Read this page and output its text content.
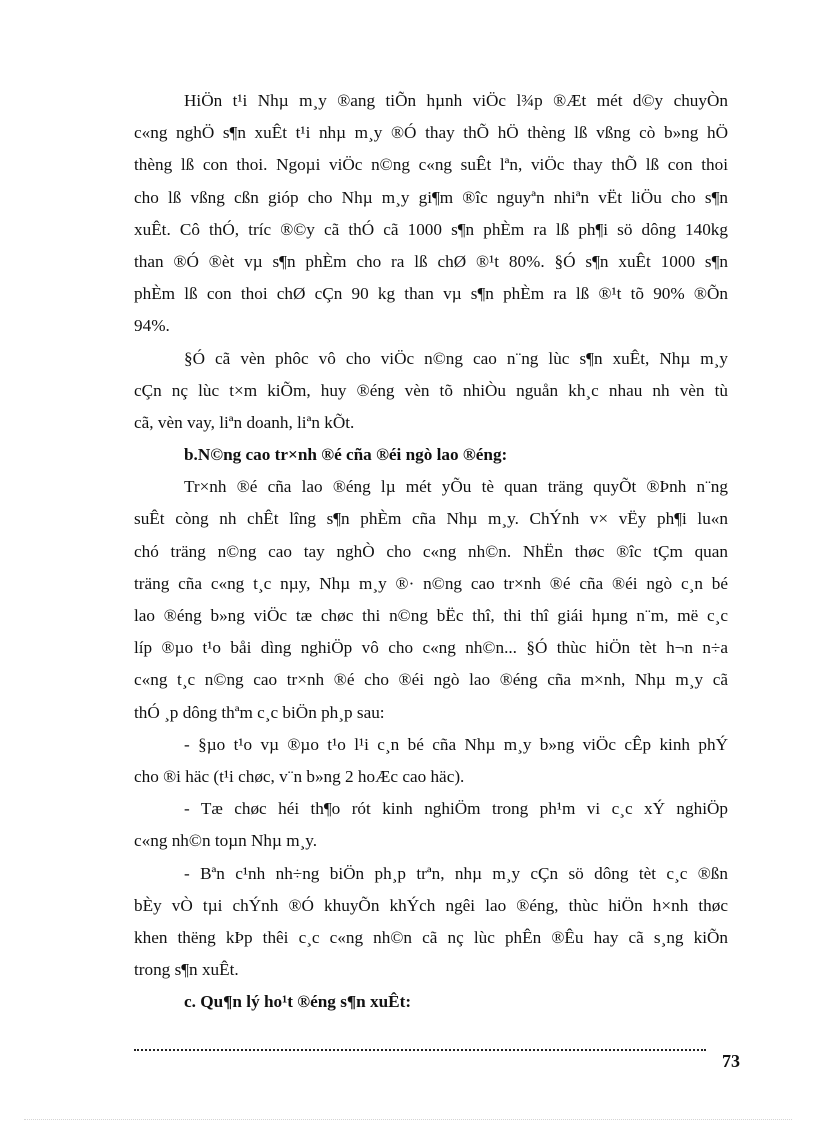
HiÖn t¹i Nhµ m¸y ®ang tiÕn hµnh viÖc l¾p ®Æt mét d©y chuyÒn
c«ng nghÖ s¶n xuÊt t¹i nhµ m¸y ®Ó thay thÕ hÖ thèng lß vßng cò b»ng hÖ
thèng lß con thoi. Ngoµi viÖc n©ng c«ng suÊt lªn, viÖc thay thÕ lß con thoi
cho lß vßng cßn gióp cho Nhµ m¸y gi¶m ®îc nguyªn nhiªn vËt liÖu cho s¶n
xuÊt. Cô thÓ, tríc ®©y cã thÓ cã 1000 s¶n phÈm ra lß ph¶i sö dông 140kg
than ®Ó ®èt vµ s¶n phÈm cho ra lß chØ ®¹t 80%. §Ó s¶n xuÊt 1000 s¶n
phÈm lß con thoi chØ cÇn 90 kg than vµ s¶n phÈm ra lß ®¹t tõ 90% ®Õn
94%.
§Ó cã vèn phôc vô cho viÖc n©ng cao n¨ng lùc s¶n xuÊt, Nhµ m¸y
cÇn nç lùc t×m kiÕm, huy ®éng vèn tõ nhiÒu nguån kh¸c nhau nh vèn tù
cã, vèn vay, liªn doanh, liªn kÕt.
b.N©ng cao tr×nh ®é cña ®éi ngò lao ®éng:
Tr×nh ®é cña lao ®éng lµ mét yÕu tè quan träng quyÕt ®Þnh n¨ng
suÊt còng nh chÊt lîng s¶n phÈm cña Nhµ m¸y. ChÝnh v× vËy ph¶i lu«n
chó träng n©ng cao tay nghÒ cho c«ng nh©n. NhËn thøc ®îc tÇm quan
träng cña c«ng t¸c nµy, Nhµ m¸y ®· n©ng cao tr×nh ®é cña ®éi ngò c¸n bé
lao ®éng b»ng viÖc tæ chøc thi n©ng bËc thî, thi thî giái hµng n¨m, më c¸c
líp ®µo t¹o båi dìng nghiÖp vô cho c«ng nh©n... §Ó thùc hiÖn tèt h¬n n÷a
c«ng t¸c n©ng cao tr×nh ®é cho ®éi ngò lao ®éng cña m×nh, Nhµ m¸y cã
thÓ ¸p dông thªm c¸c biÖn ph¸p sau:
- §µo t¹o vµ ®µo t¹o l¹i c¸n bé cña Nhµ m¸y b»ng viÖc cÊp kinh phÝ
cho ®i häc (t¹i chøc, v¨n b»ng 2 hoÆc cao häc).
- Tæ chøc héi th¶o rót kinh nghiÖm trong ph¹m vi c¸c xÝ nghiÖp
c«ng nh©n toµn Nhµ m¸y.
- Bªn c¹nh nh÷ng biÖn ph¸p trªn, nhµ m¸y cÇn sö dông tèt c¸c ®ßn
bÈy vÒ tµi chÝnh ®Ó khuyÕn khÝch ngêi lao ®éng, thùc hiÖn h×nh thøc
khen thëng kÞp thêi c¸c c«ng nh©n cã nç lùc phÊn ®Êu hay cã s¸ng kiÕn
trong s¶n xuÊt.
c. Qu¶n lý ho¹t ®éng s¶n xuÊt:
73
